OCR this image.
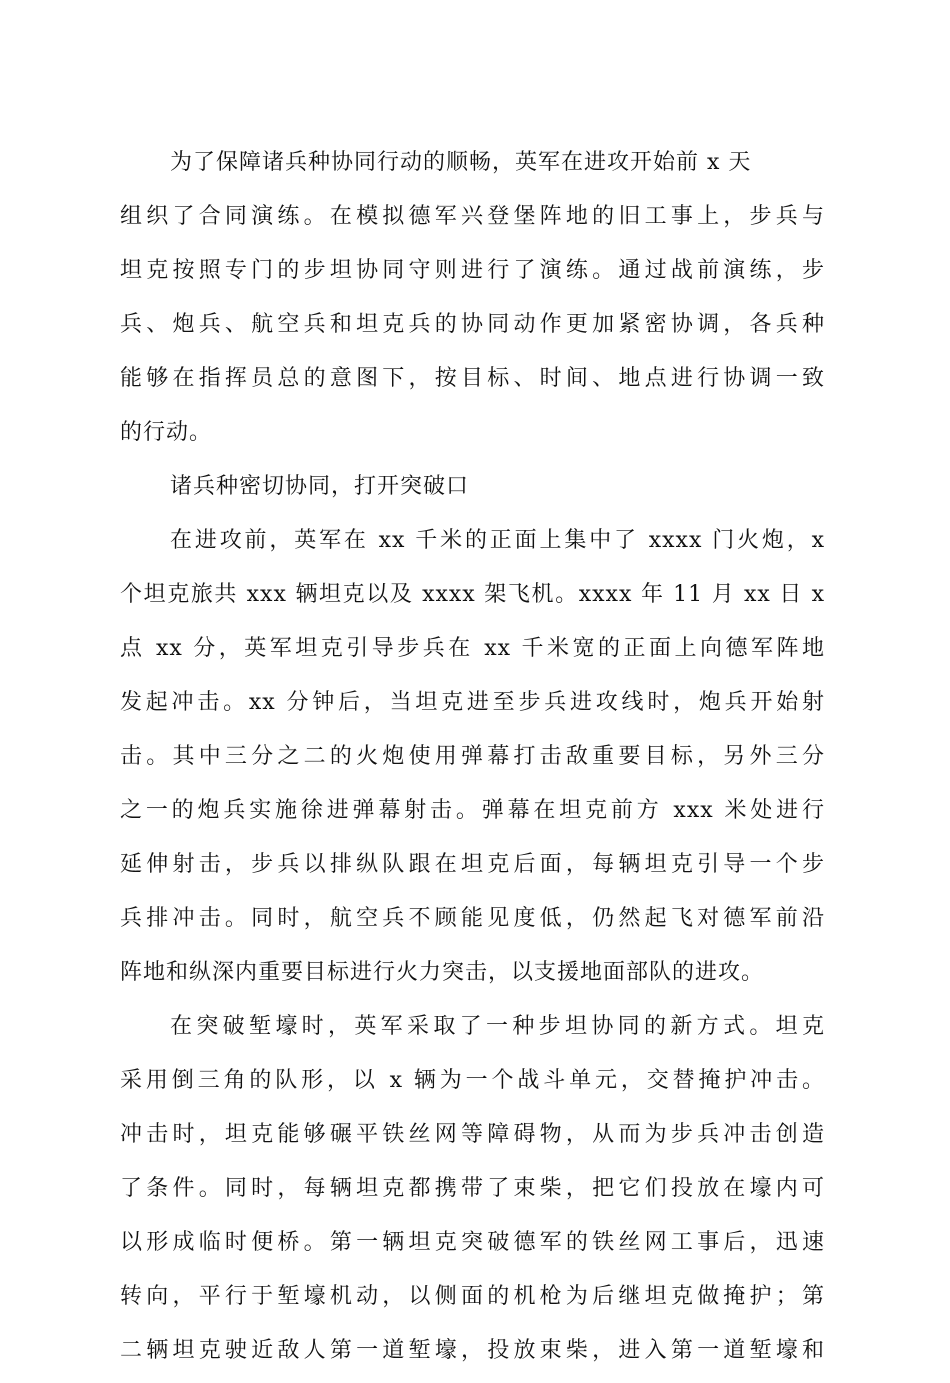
为了保障诸兵种协同行动的顺畅，英军在进攻开始前 x 天
组织了合同演练。在模拟德军兴登堡阵地的旧工事上，步兵与
坦克按照专门的步坦协同守则进行了演练。通过战前演练，步
兵、炮兵、航空兵和坦克兵的协同动作更加紧密协调，各兵种
能够在指挥员总的意图下，按目标、时间、地点进行协调一致
的行动。
诸兵种密切协同，打开突破口
在进攻前，英军在 xx 千米的正面上集中了 xxxx 门火炮，x
个坦克旅共 xxx 辆坦克以及 xxxx 架飞机。xxxx 年 11 月 xx 日 x
点 xx 分，英军坦克引导步兵在 xx 千米宽的正面上向德军阵地
发起冲击。xx 分钟后，当坦克进至步兵进攻线时，炮兵开始射
击。其中三分之二的火炮使用弹幕打击敌重要目标，另外三分
之一的炮兵实施徐进弹幕射击。弹幕在坦克前方 xxx 米处进行
延伸射击，步兵以排纵队跟在坦克后面，每辆坦克引导一个步
兵排冲击。同时，航空兵不顾能见度低，仍然起飞对德军前沿
阵地和纵深内重要目标进行火力突击，以支援地面部队的进攻。
在突破堑壕时，英军采取了一种步坦协同的新方式。坦克
采用倒三角的队形，以 x 辆为一个战斗单元，交替掩护冲击。
冲击时，坦克能够碾平铁丝网等障碍物，从而为步兵冲击创造
了条件。同时，每辆坦克都携带了束柴，把它们投放在壕内可
以形成临时便桥。第一辆坦克突破德军的铁丝网工事后，迅速
转向，平行于堑壕机动，以侧面的机枪为后继坦克做掩护；第
二辆坦克驶近敌人第一道堑壕，投放束柴，进入第一道堑壕和
